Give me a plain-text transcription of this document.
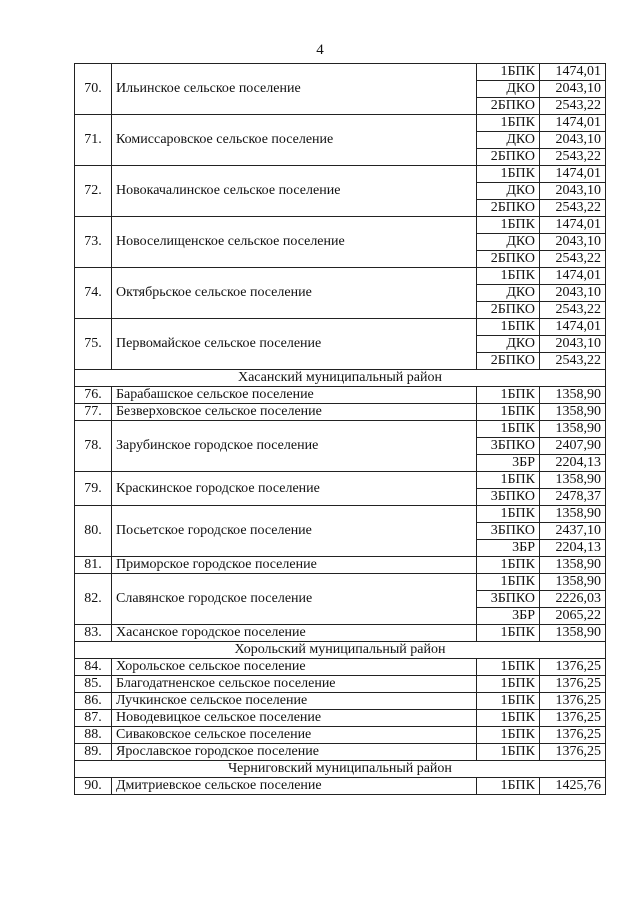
4
70.	Ильинское сельское поселение	1БПК	1474,01
		ДКО	2043,10
		2БПКО	2543,22
71.	Комиссаровское сельское поселение	1БПК	1474,01
		ДКО	2043,10
		2БПКО	2543,22
72.	Новокачалинское сельское поселение	1БПК	1474,01
		ДКО	2043,10
		2БПКО	2543,22
73.	Новоселищенское сельское поселение	1БПК	1474,01
		ДКО	2043,10
		2БПКО	2543,22
74.	Октябрьское сельское поселение	1БПК	1474,01
		ДКО	2043,10
		2БПКО	2543,22
75.	Первомайское сельское поселение	1БПК	1474,01
		ДКО	2043,10
		2БПКО	2543,22
Хасанский муниципальный район			
76.	Барабашское сельское поселение	1БПК	1358,90
77.	Безверховское сельское поселение	1БПК	1358,90
78.	Зарубинское городское поселение	1БПК	1358,90
		3БПКО	2407,90
		3БР	2204,13
79.	Краскинское городское поселение	1БПК	1358,90
		3БПКО	2478,37
80.	Посьетское городское поселение	1БПК	1358,90
		3БПКО	2437,10
		3БР	2204,13
81.	Приморское городское поселение	1БПК	1358,90
82.	Славянское городское поселение	1БПК	1358,90
		3БПКО	2226,03
		3БР	2065,22
83.	Хасанское городское поселение	1БПК	1358,90
Хорольский муниципальный район			
84.	Хорольское сельское поселение	1БПК	1376,25
85.	Благодатненское сельское поселение	1БПК	1376,25
86.	Лучкинское сельское поселение	1БПК	1376,25
87.	Новодевицкое сельское поселение	1БПК	1376,25
88.	Сиваковское сельское поселение	1БПК	1376,25
89.	Ярославское городское поселение	1БПК	1376,25
Черниговский муниципальный район			
90.	Дмитриевское сельское поселение	1БПК	1425,76
